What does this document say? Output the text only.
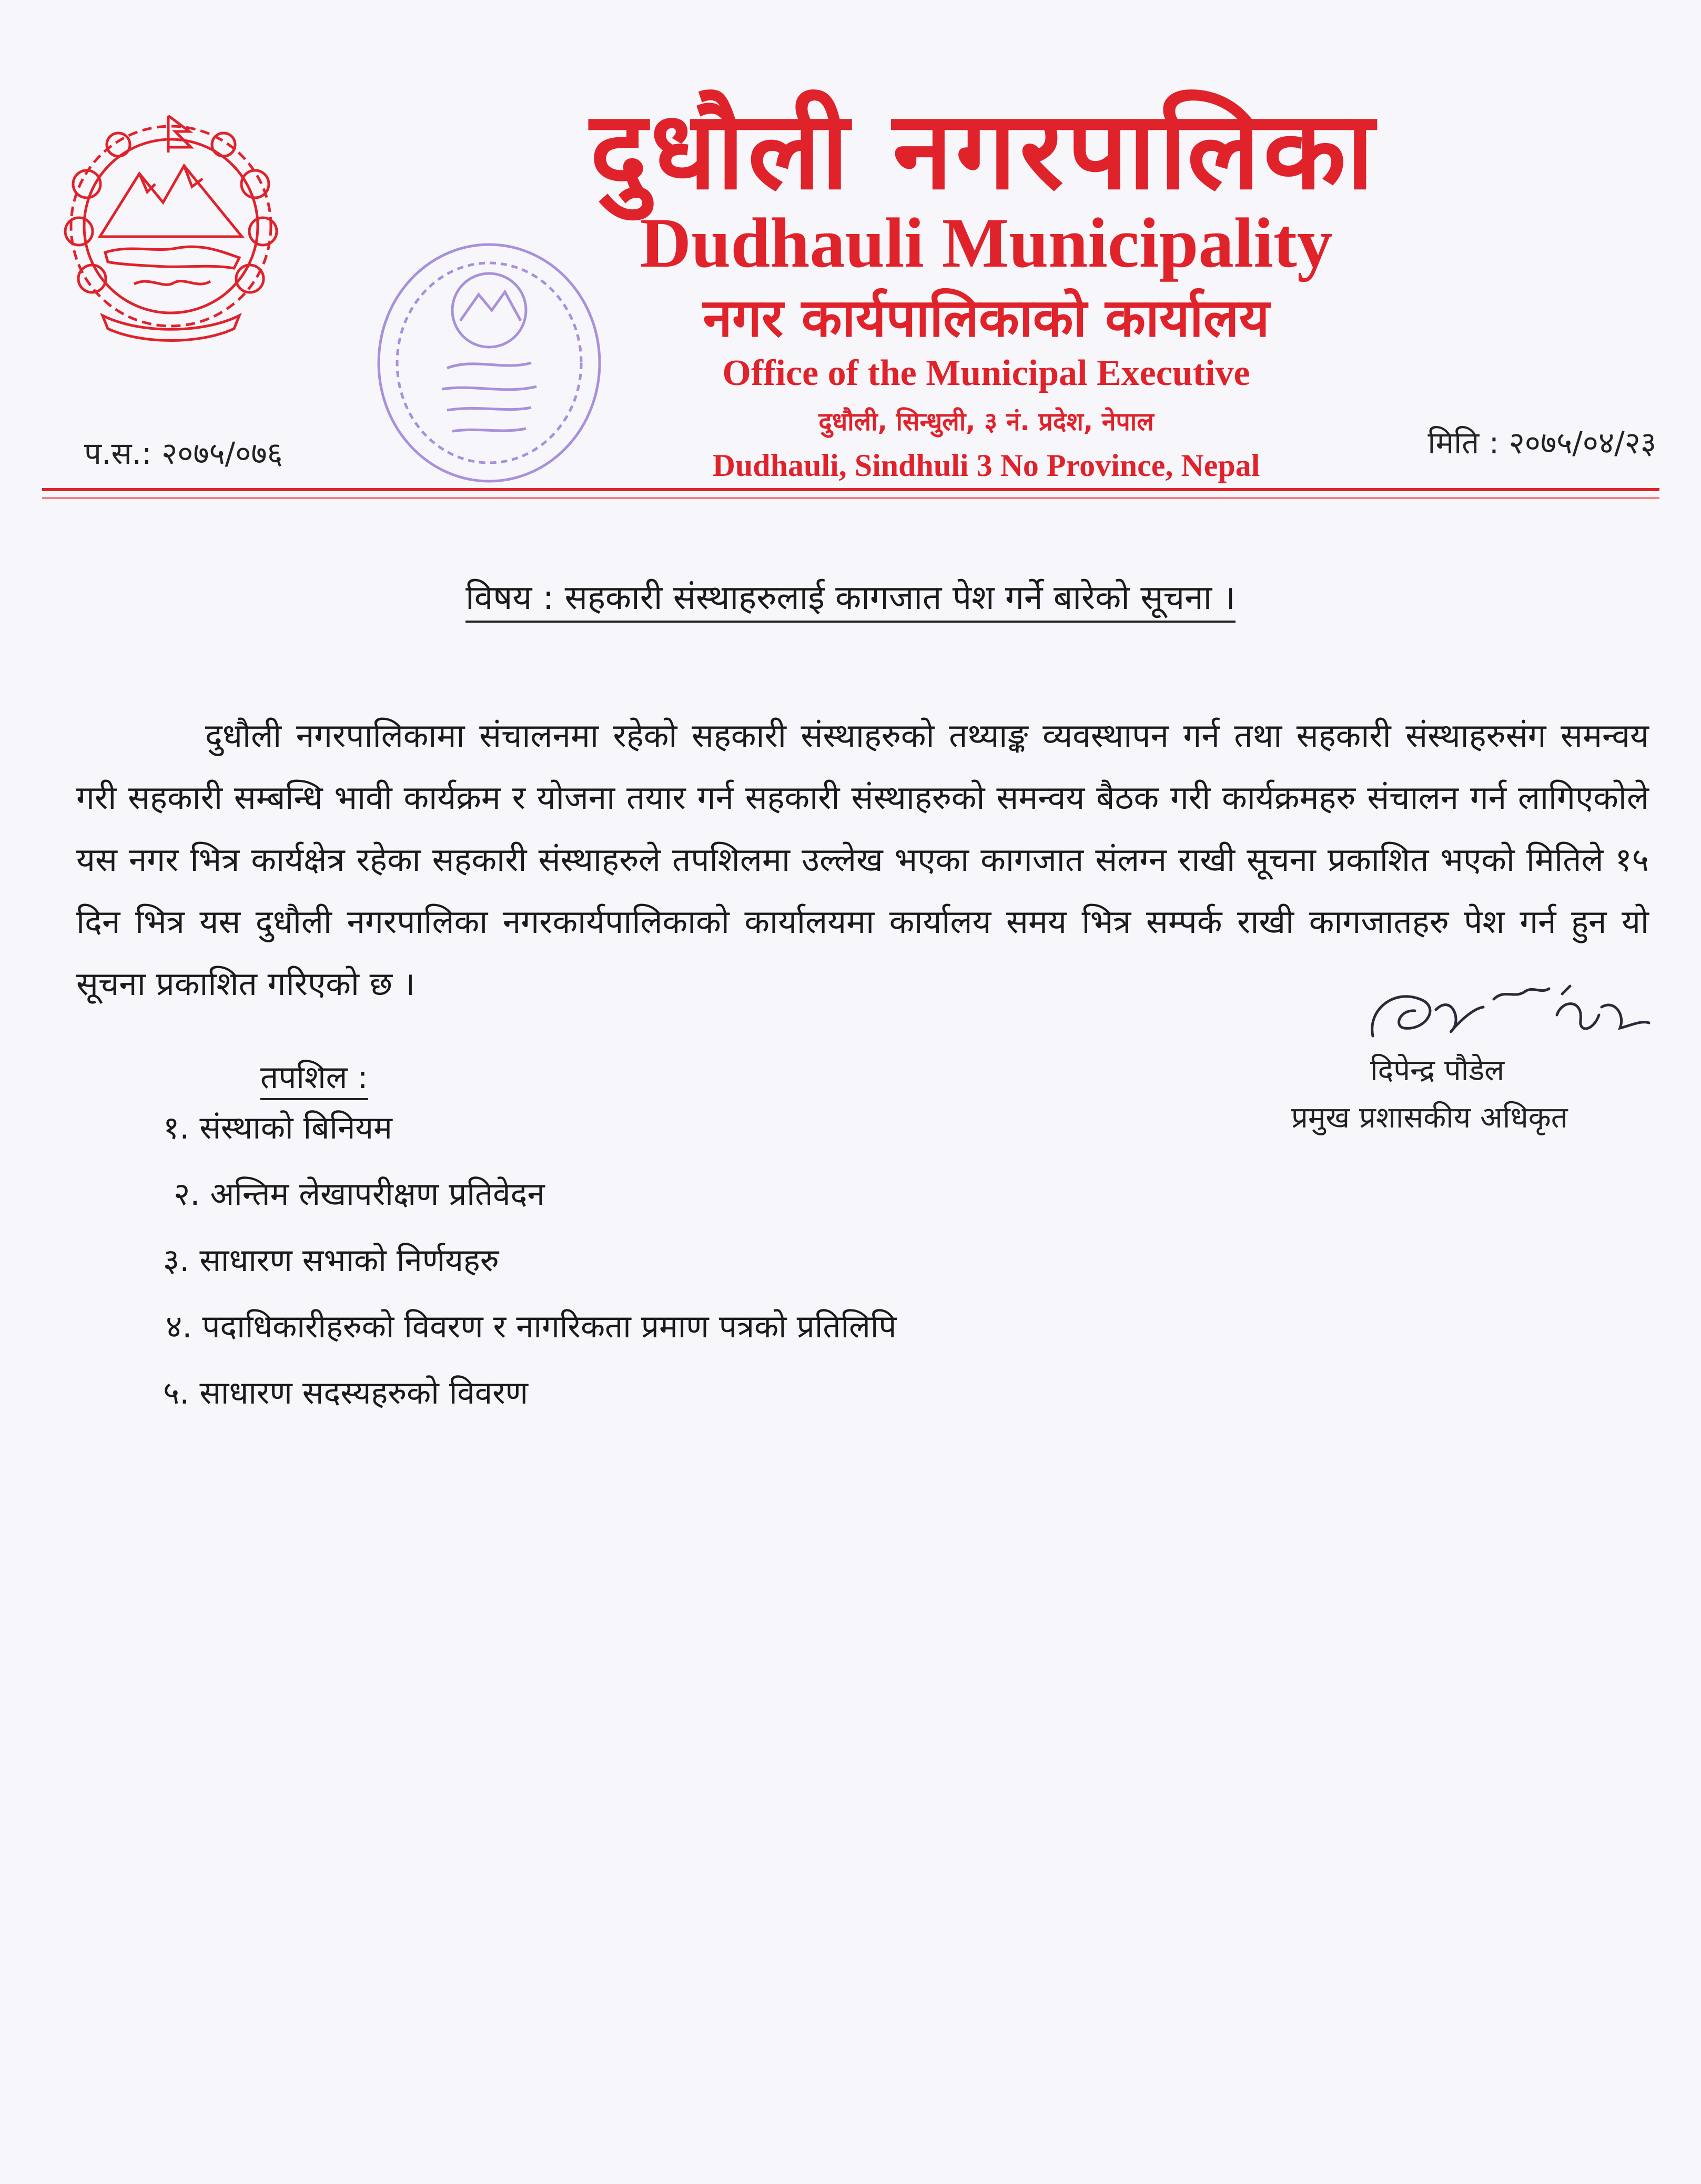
दुधौली नगरपालिका
Dudhauli Municipality
नगर कार्यपालिकाको कार्यालय
Office of the Municipal Executive
दुधौली, सिन्धुली, ३ नं. प्रदेश, नेपाल
Dudhauli, Sindhuli 3 No Province, Nepal
प.स.: २०७५/०७६	मिति : २०७५/०४/२३
विषय : सहकारी संस्थाहरुलाई कागजात पेश गर्ने बारेको सूचना ।
दुधौली नगरपालिकामा संचालनमा रहेको सहकारी संस्थाहरुको तथ्याङ्क व्यवस्थापन गर्न तथा सहकारी संस्थाहरुसंग समन्वय गरी सहकारी सम्बन्धि भावी कार्यक्रम र योजना तयार गर्न सहकारी संस्थाहरुको समन्वय बैठक गरी कार्यक्रमहरु संचालन गर्न लागिएकोले यस नगर भित्र कार्यक्षेत्र रहेका सहकारी संस्थाहरुले तपशिलमा उल्लेख भएका कागजात संलग्न राखी सूचना प्रकाशित भएको मितिले १५ दिन भित्र यस दुधौली नगरपालिका नगरकार्यपालिकाको कार्यालयमा कार्यालय समय भित्र सम्पर्क राखी कागजातहरु पेश गर्न हुन यो सूचना प्रकाशित गरिएको छ ।
दिपेन्द्र पौडेल
प्रमुख प्रशासकीय अधिकृत
तपशिल :
१. संस्थाको बिनियम
२. अन्तिम लेखापरीक्षण प्रतिवेदन
३. साधारण सभाको निर्णयहरु
४. पदाधिकारीहरुको विवरण र नागरिकता प्रमाण पत्रको प्रतिलिपि
५. साधारण सदस्यहरुको विवरण
